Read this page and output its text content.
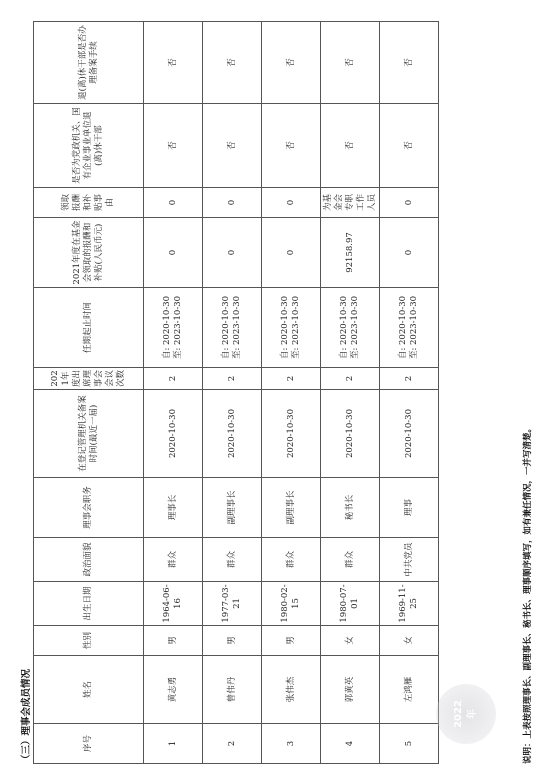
（三）理事会成员情况	序号	姓名	性别	出生日期	政治面貌	理事会职务	在登记管理机关备案时间(最近一届)	2021年度出席理事会会议次数	任期起止时间	2021年度在基金会领取的报酬和补贴(人民币元)	领取报酬和补贴事由	是否为党政机关、国有企业事业单位退(离)休干部	退(离)休干部是否办理备案手续
1	黄志勇	男	1964-06-16	群众	理事长	2020-10-30	2	自: 2020-10-30 至: 2023-10-30	0	0	否	否
2	曾伟丹	男	1977-03-21	群众	副理事长	2020-10-30	2	自: 2020-10-30 至: 2023-10-30	0	0	否	否
3	张伟杰	男	1980-02-15	群众	副理事长	2020-10-30	2	自: 2020-10-30 至: 2023-10-30	0	0	否	否
4	郭黄英	女	1980-07-01	群众	秘书长	2020-10-30	2	自: 2020-10-30 至: 2023-10-30	92158.97	为基金会专职工作人员	否	否
5	左鸿雁	女	1969-11-25	中共党员	理事	2020-10-30	2	自: 2020-10-30 至: 2023-10-30	0	0	否	否
2022 年	说明：上表按照理事长、副理事长、秘书长、理事顺序填写，如有兼任情况，一并写清楚。
